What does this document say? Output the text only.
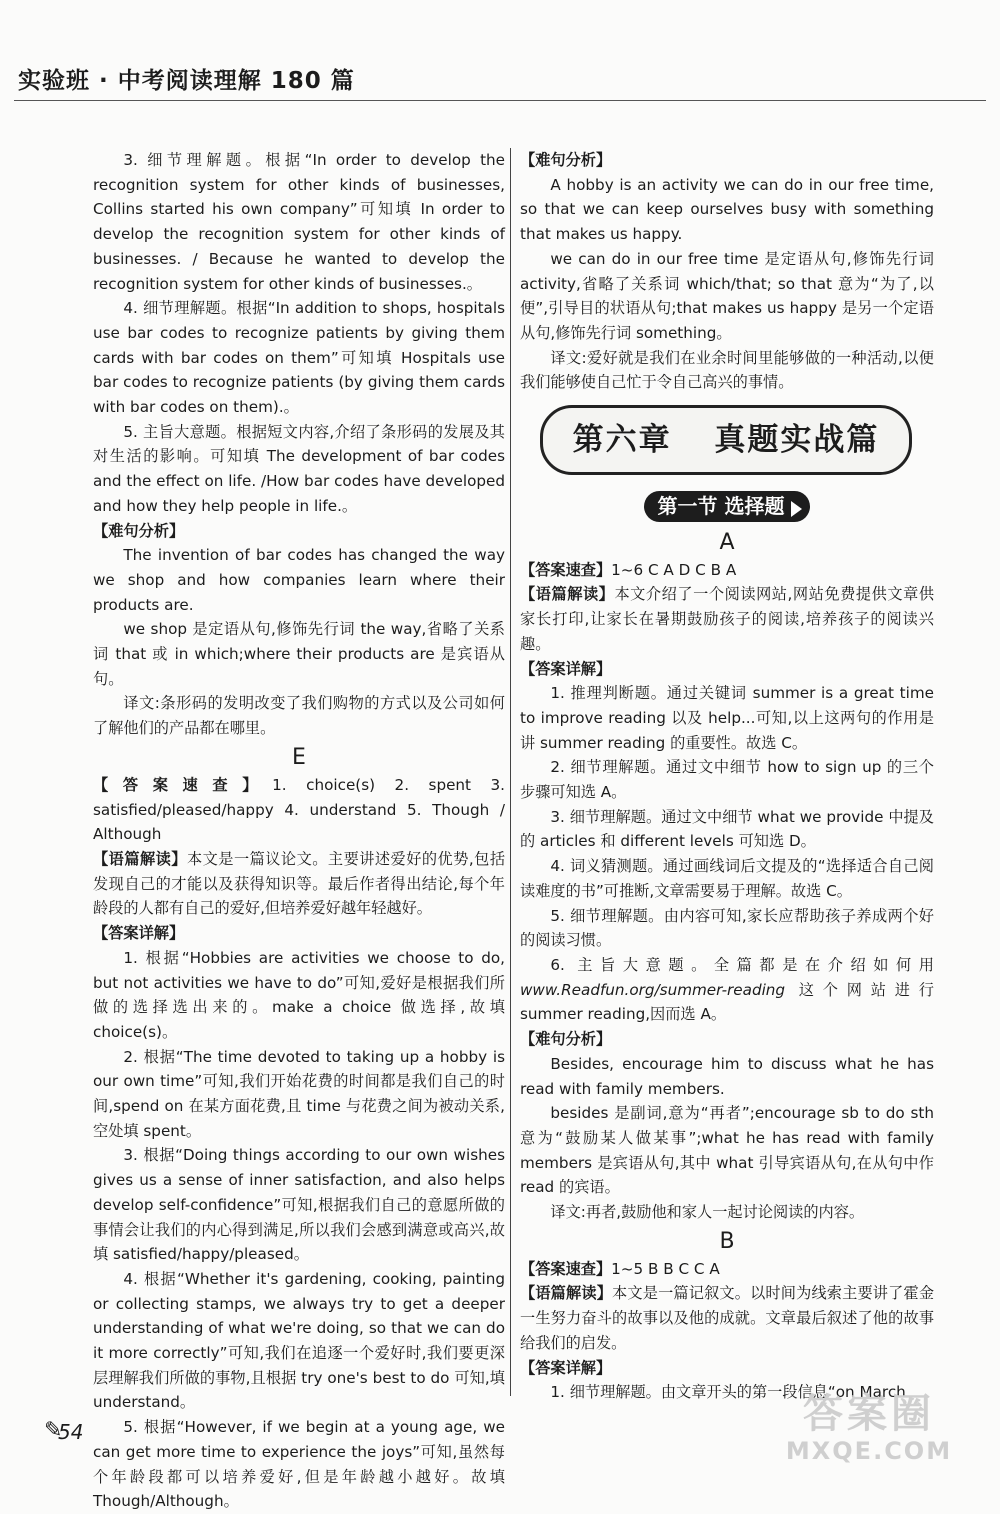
实验班 · 中考阅读理解 180 篇

3. 细节理解题。根据“In order to develop the recognition system for other kinds of businesses, Collins started his own company”可知填 In order to develop the recognition system for other kinds of businesses. / Because he wanted to develop the recognition system for other kinds of businesses.。

4. 细节理解题。根据“In addition to shops, hospitals use bar codes to recognize patients by giving them cards with bar codes on them”可知填 Hospitals use bar codes to recognize patients (by giving them cards with bar codes on them).。

5. 主旨大意题。根据短文内容,介绍了条形码的发展及其对生活的影响。可知填 The development of bar codes and the effect on life. /How bar codes have developed and how they help people in life.。

【难句分析】

The invention of bar codes has changed the way we shop and how companies learn where their products are.

we shop 是定语从句,修饰先行词 the way,省略了关系词 that 或 in which;where their products are 是宾语从句。

译文:条形码的发明改变了我们购物的方式以及公司如何了解他们的产品都在哪里。

E

【答案速查】1. choice(s) 2. spent 3. satisfied/pleased/happy 4. understand 5. Though / Although

【语篇解读】本文是一篇议论文。主要讲述爱好的优势,包括发现自己的才能以及获得知识等。最后作者得出结论,每个年龄段的人都有自己的爱好,但培养爱好越年轻越好。

【答案详解】

1. 根据“Hobbies are activities we choose to do, but not activities we have to do”可知,爱好是根据我们所做的选择选出来的。make a choice 做选择,故填 choice(s)。

2. 根据“The time devoted to taking up a hobby is our own time”可知,我们开始花费的时间都是我们自己的时间,spend on 在某方面花费,且 time 与花费之间为被动关系,空处填 spent。

3. 根据“Doing things according to our own wishes gives us a sense of inner satisfaction, and also helps develop self-confidence”可知,根据我们自己的意愿所做的事情会让我们的内心得到满足,所以我们会感到满意或高兴,故填 satisfied/happy/pleased。

4. 根据“Whether it's gardening, cooking, painting or collecting stamps, we always try to get a deeper understanding of what we're doing, so that we can do it more correctly”可知,我们在追逐一个爱好时,我们要更深层理解我们所做的事物,且根据 try one's best to do 可知,填 understand。

5. 根据“However, if we begin at a young age, we can get more time to experience the joys”可知,虽然每个年龄段都可以培养爱好,但是年龄越小越好。故填 Though/Although。

【难句分析】

A hobby is an activity we can do in our free time, so that we can keep ourselves busy with something that makes us happy.

we can do in our free time 是定语从句,修饰先行词 activity,省略了关系词 which/that; so that 意为“为了,以便”,引导目的状语从句;that makes us happy 是另一个定语从句,修饰先行词 something。

译文:爱好就是我们在业余时间里能够做的一种活动,以便我们能够使自己忙于令自己高兴的事情。

第六章 真题实战篇
第一节 选择题
A

【答案速查】1~6 C A D C B A

【语篇解读】本文介绍了一个阅读网站,网站免费提供文章供家长打印,让家长在暑期鼓励孩子的阅读,培养孩子的阅读兴趣。

【答案详解】

1. 推理判断题。通过关键词 summer is a great time to improve reading 以及 help...可知,以上这两句的作用是讲 summer reading 的重要性。故选 C。

2. 细节理解题。通过文中细节 how to sign up 的三个步骤可知选 A。

3. 细节理解题。通过文中细节 what we provide 中提及的 articles 和 different levels 可知选 D。

4. 词义猜测题。通过画线词后文提及的“选择适合自己阅读难度的书”可推断,文章需要易于理解。故选 C。

5. 细节理解题。由内容可知,家长应帮助孩子养成两个好的阅读习惯。

6. 主旨大意题。全篇都是在介绍如何用 www.Readfun.org/summer-reading 这个网站进行 summer reading,因而选 A。

【难句分析】

Besides, encourage him to discuss what he has read with family members.

besides 是副词,意为“再者”;encourage sb to do sth 意为“鼓励某人做某事”;what he has read with family members 是宾语从句,其中 what 引导宾语从句,在从句中作 read 的宾语。

译文:再者,鼓励他和家人一起讨论阅读的内容。

B

【答案速查】1~5 B B C C A

【语篇解读】本文是一篇记叙文。以时间为线索主要讲了霍金一生努力奋斗的故事以及他的成就。文章最后叙述了他的故事给我们的启发。

【答案详解】

1. 细节理解题。由文章开头的第一段信息“on March

✎
54	答案圈
MXQE.COM
